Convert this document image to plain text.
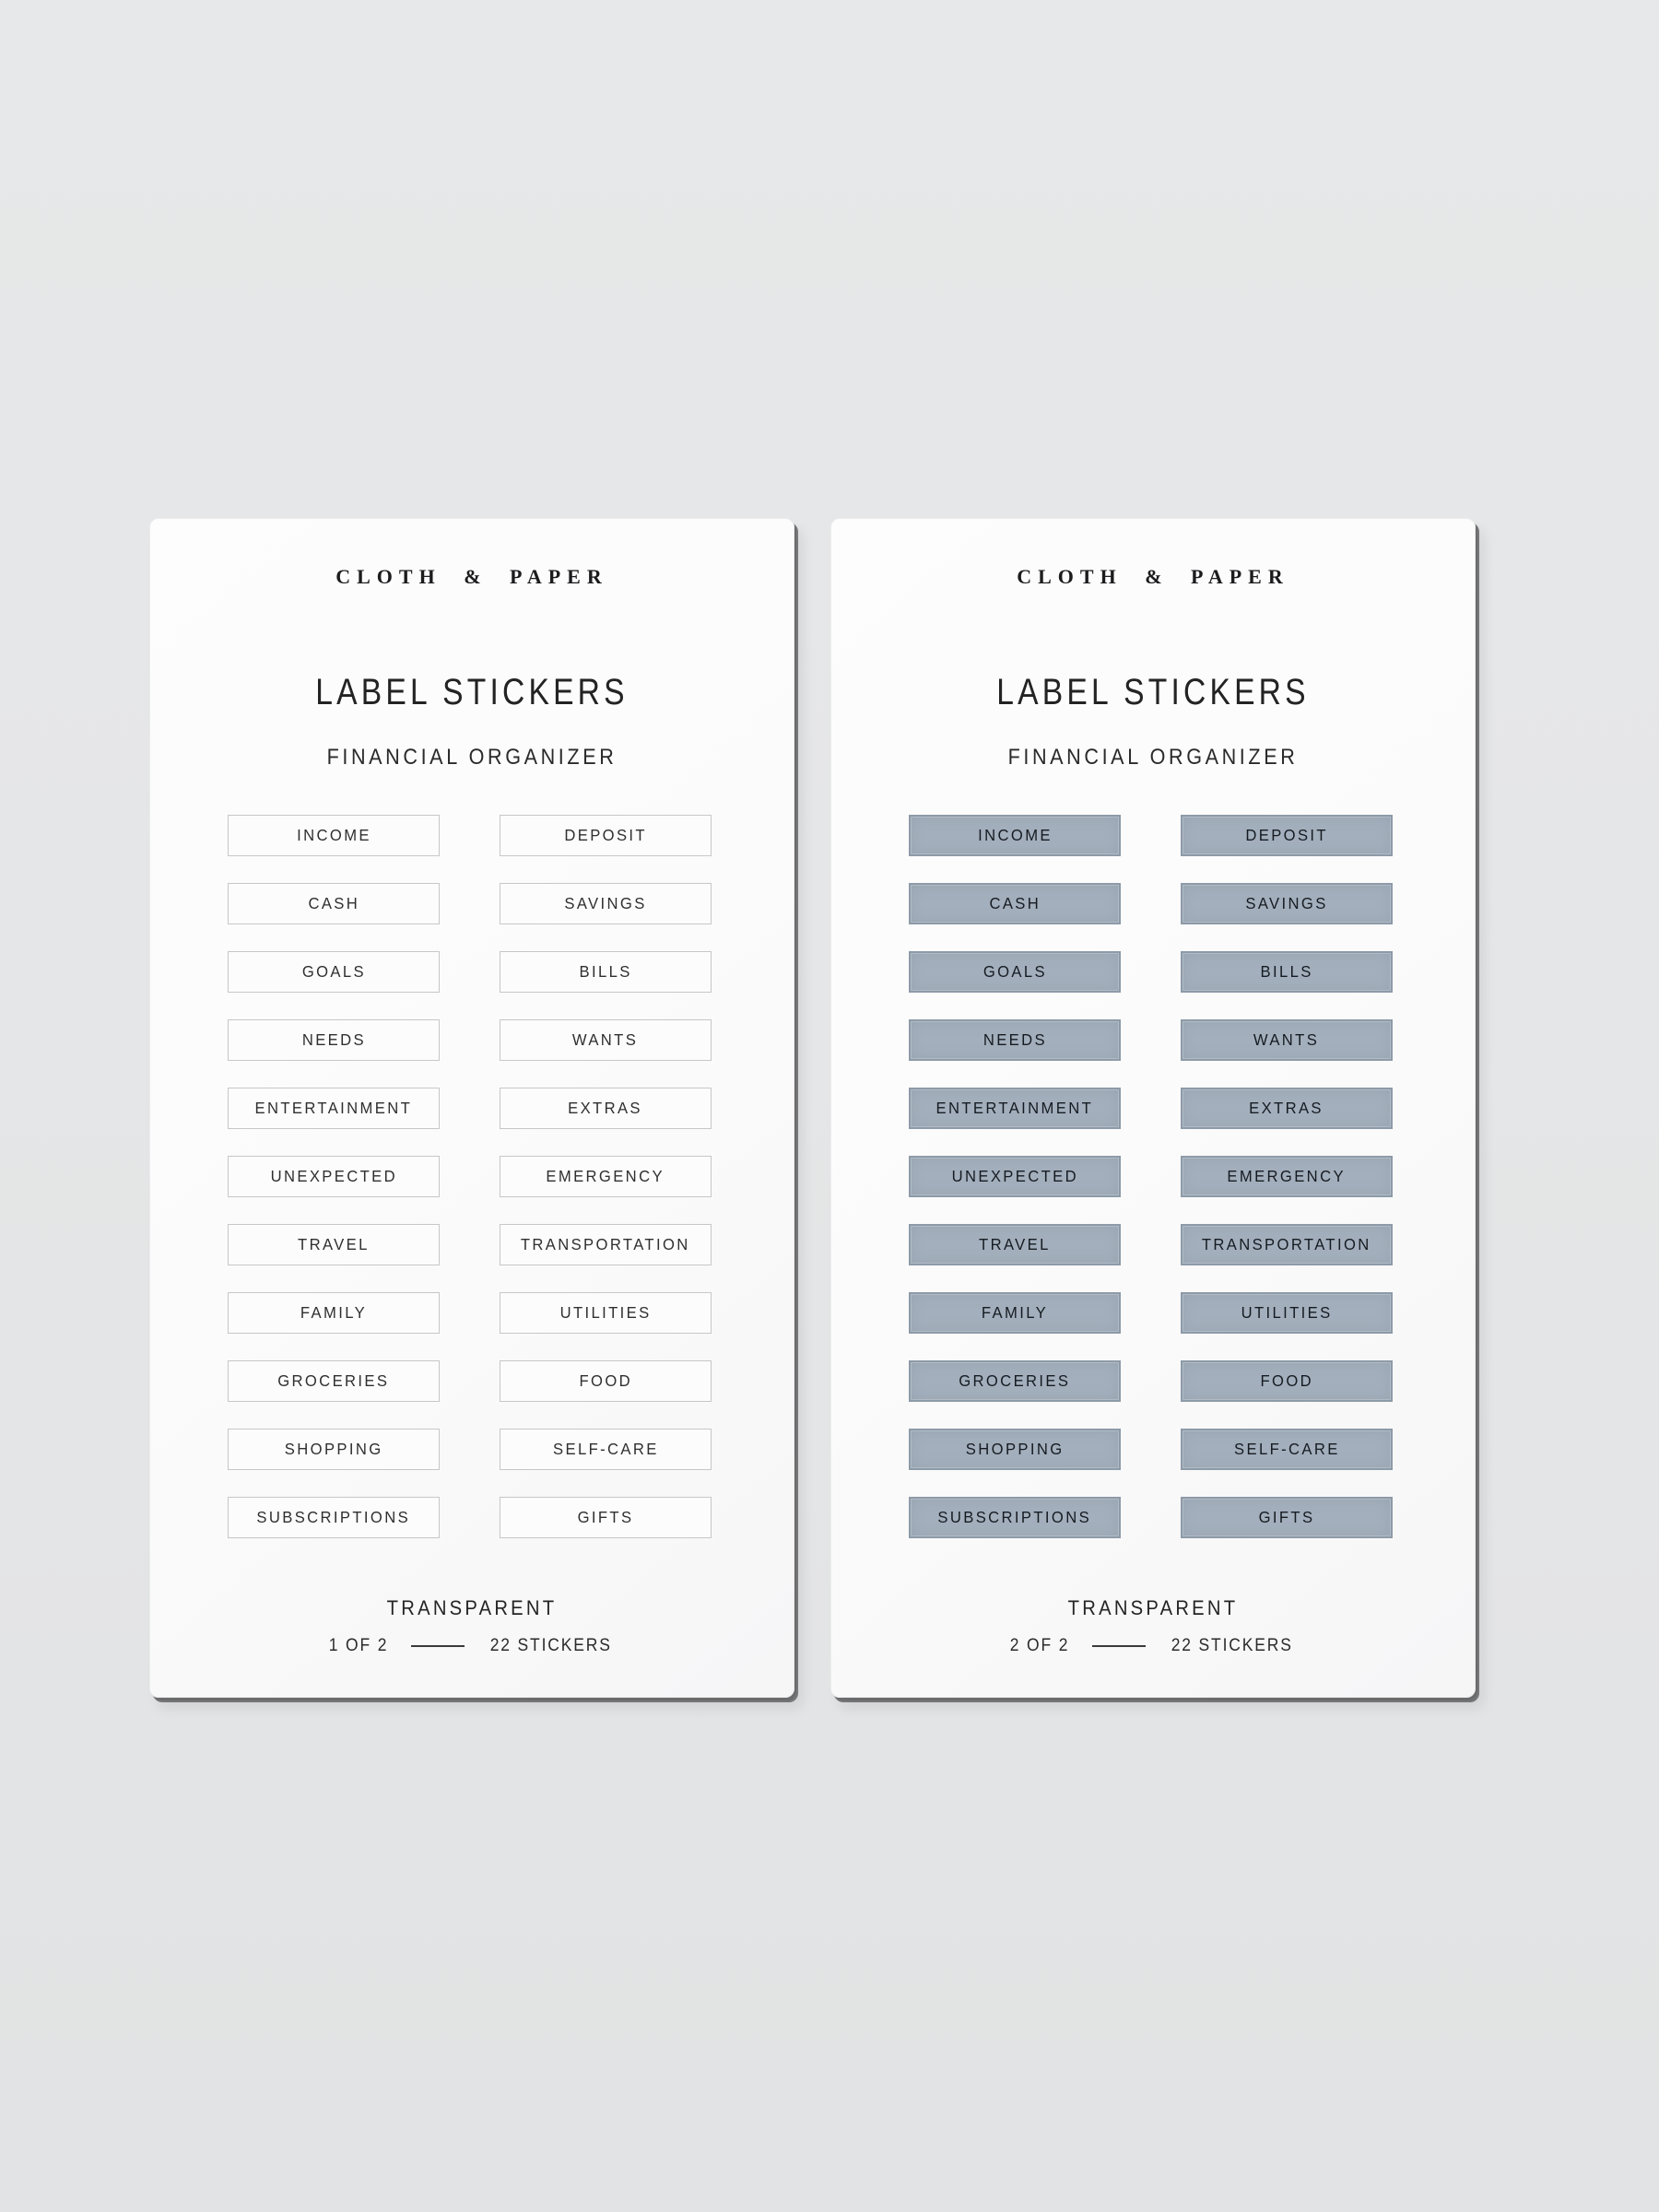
CLOTH & PAPER
LABEL STICKERS
FINANCIAL ORGANIZER
INCOME	DEPOSIT
CASH	SAVINGS
GOALS	BILLS
NEEDS	WANTS
ENTERTAINMENT	EXTRAS
UNEXPECTED	EMERGENCY
TRAVEL	TRANSPORTATION
FAMILY	UTILITIES
GROCERIES	FOOD
SHOPPING	SELF-CARE
SUBSCRIPTIONS	GIFTS
TRANSPARENT
1 OF 2	22 STICKERS
CLOTH & PAPER
LABEL STICKERS
FINANCIAL ORGANIZER
INCOME	DEPOSIT
CASH	SAVINGS
GOALS	BILLS
NEEDS	WANTS
ENTERTAINMENT	EXTRAS
UNEXPECTED	EMERGENCY
TRAVEL	TRANSPORTATION
FAMILY	UTILITIES
GROCERIES	FOOD
SHOPPING	SELF-CARE
SUBSCRIPTIONS	GIFTS
TRANSPARENT
2 OF 2	22 STICKERS
